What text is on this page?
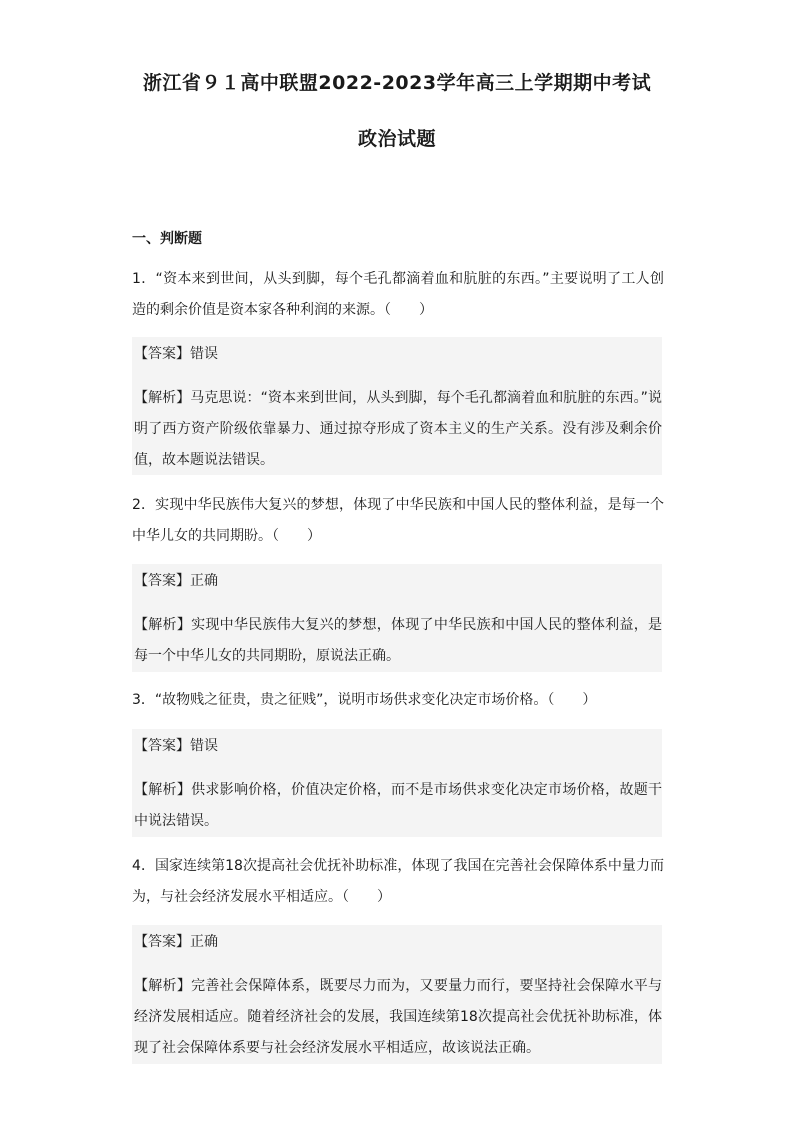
浙江省９１高中联盟2022-2023学年高三上学期期中考试
政治试题
一、判断题

1．“资本来到世间，从头到脚，每个毛孔都滴着血和肮脏的东西。”主要说明了工人创造的剩余价值是资本家各种利润的来源。（　　）

【答案】错误

【解析】马克思说：“资本来到世间，从头到脚，每个毛孔都滴着血和肮脏的东西。”说明了西方资产阶级依靠暴力、通过掠夺形成了资本主义的生产关系。没有涉及剩余价值，故本题说法错误。

2．实现中华民族伟大复兴的梦想，体现了中华民族和中国人民的整体利益，是每一个中华儿女的共同期盼。（　　）

【答案】正确

【解析】实现中华民族伟大复兴的梦想，体现了中华民族和中国人民的整体利益，是每一个中华儿女的共同期盼，原说法正确。

3．“故物贱之征贵，贵之征贱”，说明市场供求变化决定市场价格。（　　）

【答案】错误

【解析】供求影响价格，价值决定价格，而不是市场供求变化决定市场价格，故题干中说法错误。

4．国家连续第18次提高社会优抚补助标准，体现了我国在完善社会保障体系中量力而为，与社会经济发展水平相适应。（　　）

【答案】正确

【解析】完善社会保障体系，既要尽力而为，又要量力而行，要坚持社会保障水平与经济发展相适应。随着经济社会的发展，我国连续第18次提高社会优抚补助标准，体现了社会保障体系要与社会经济发展水平相适应，故该说法正确。
